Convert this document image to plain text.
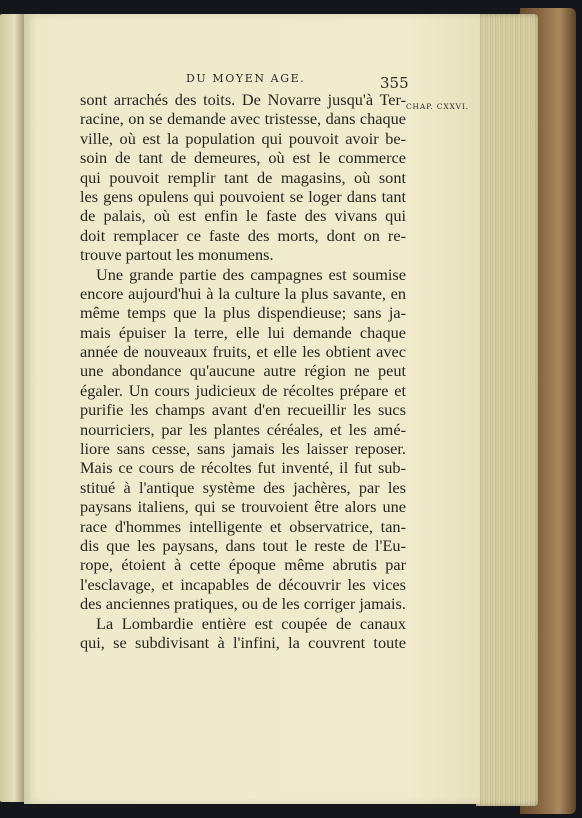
DU MOYEN AGE.	355
CHAP. CXXVI.
sont arrachés des toits. De Novarre jusqu'à Ter-
racine, on se demande avec tristesse, dans chaque
ville, où est la population qui pouvoit avoir be-
soin de tant de demeures, où est le commerce
qui pouvoit remplir tant de magasins, où sont
les gens opulens qui pouvoient se loger dans tant
de palais, où est enfin le faste des vivans qui
doit remplacer ce faste des morts, dont on re-
trouve partout les monumens.
Une grande partie des campagnes est soumise
encore aujourd'hui à la culture la plus savante, en
même temps que la plus dispendieuse; sans ja-
mais épuiser la terre, elle lui demande chaque
année de nouveaux fruits, et elle les obtient avec
une abondance qu'aucune autre région ne peut
égaler. Un cours judicieux de récoltes prépare et
purifie les champs avant d'en recueillir les sucs
nourriciers, par les plantes céréales, et les amé-
liore sans cesse, sans jamais les laisser reposer.
Mais ce cours de récoltes fut inventé, il fut sub-
stitué à l'antique système des jachères, par les
paysans italiens, qui se trouvoient être alors une
race d'hommes intelligente et observatrice, tan-
dis que les paysans, dans tout le reste de l'Eu-
rope, étoient à cette époque même abrutis par
l'esclavage, et incapables de découvrir les vices
des anciennes pratiques, ou de les corriger jamais.
La Lombardie entière est coupée de canaux
qui, se subdivisant à l'infini, la couvrent toute
